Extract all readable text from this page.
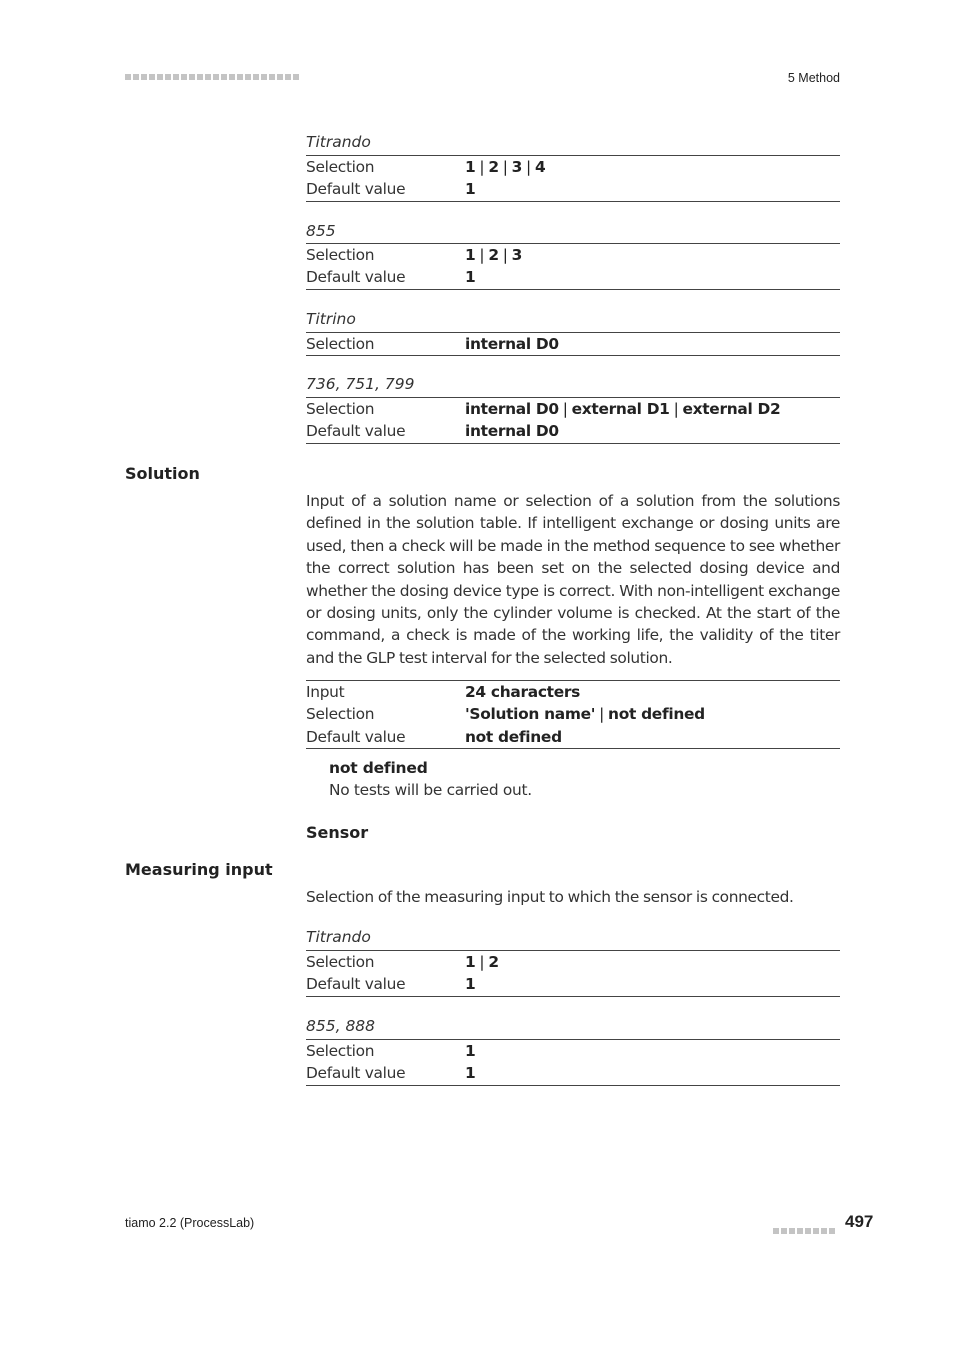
5 Method
Titrando
Selection	1 | 2 | 3 | 4
Default value	1
855
Selection	1 | 2 | 3
Default value	1
Titrino
Selection	internal D0
736, 751, 799
Selection	internal D0 | external D1 | external D2
Default value	internal D0
Solution
Input of a solution name or selection of a solution from the solutions defined in the solution table. If intelligent exchange or dosing units are used, then a check will be made in the method sequence to see whether the correct solution has been set on the selected dosing device and whether the dosing device type is correct. With non-intelligent exchange or dosing units, only the cylinder volume is checked. At the start of the command, a check is made of the working life, the validity of the titer and the GLP test interval for the selected solution.
Input	24 characters
Selection	'Solution name' | not defined
Default value	not defined
not defined
No tests will be carried out.
Sensor
Measuring input
Selection of the measuring input to which the sensor is connected.
Titrando
Selection	1 | 2
Default value	1
855, 888
Selection	1
Default value	1
tiamo 2.2 (ProcessLab)	497
